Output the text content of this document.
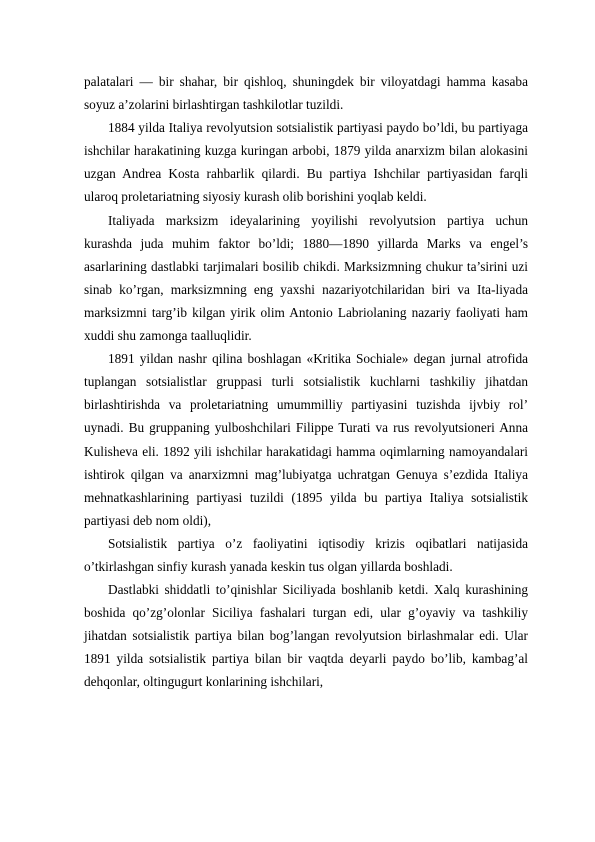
palatalari — bir shahar, bir qishloq, shuningdek bir viloyatdagi hamma kasaba soyuz a’zolarini birlashtirgan tashkilotlar tuzildi.

1884 yilda Italiya revolyutsion sotsialistik partiyasi paydo bo’ldi, bu partiyaga ishchilar harakatining kuzga kuringan arbobi, 1879 yilda anarxizm bilan alokasini uzgan Andrea Kosta rahbarlik qilardi. Bu partiya Ishchilar partiyasidan farqli ularoq proletariatning siyosiy kurash olib borishini yoqlab keldi.

Italiyada marksizm ideyalarining yoyilishi revolyutsion partiya uchun kurashda juda muhim faktor bo’ldi; 1880—1890 yillarda Marks va engel’s asarlarining dastlabki tarjimalari bosilib chikdi. Marksizmning chukur ta’sirini uzi sinab ko’rgan, marksizmning eng yaxshi nazariyotchilaridan biri va Ita-liyada marksizmni targ’ib kilgan yirik olim Antonio Labriolaning nazariy faoliyati ham xuddi shu zamonga taalluqlidir.

1891 yildan nashr qilina boshlagan «Kritika Sochiale» degan jurnal atrofida tuplangan sotsialistlar gruppasi turli sotsialistik kuchlarni tashkiliy jihatdan birlashtirishda va proletariatning umummilliy partiyasini tuzishda ijvbiy rol’ uynadi. Bu gruppaning yulboshchilari Filippe Turati va rus revolyutsioneri Anna Kulisheva eli. 1892 yili ishchilar harakatidagi hamma oqimlarning namoyandalari ishtirok qilgan va anarxizmni mag’lubiyatga uchratgan Genuya s’ezdida Italiya mehnatkashlarining partiyasi tuzildi (1895 yilda bu partiya Italiya sotsialistik partiyasi deb nom oldi),

Sotsialistik partiya o’z faoliyatini iqtisodiy krizis oqibatlari natijasida o’tkirlashgan sinfiy kurash yanada keskin tus olgan yillarda boshladi.

Dastlabki shiddatli to’qinishlar Siciliyada boshlanib ketdi. Xalq kurashining boshida qo’zg’olonlar Siciliya fashalari turgan edi, ular g’oyaviy va tashkiliy jihatdan sotsialistik partiya bilan bog’langan revolyutsion birlashmalar edi. Ular 1891 yilda sotsialistik partiya bilan bir vaqtda deyarli paydo bo’lib, kambag’al dehqonlar, oltingugurt konlarining ishchilari,
